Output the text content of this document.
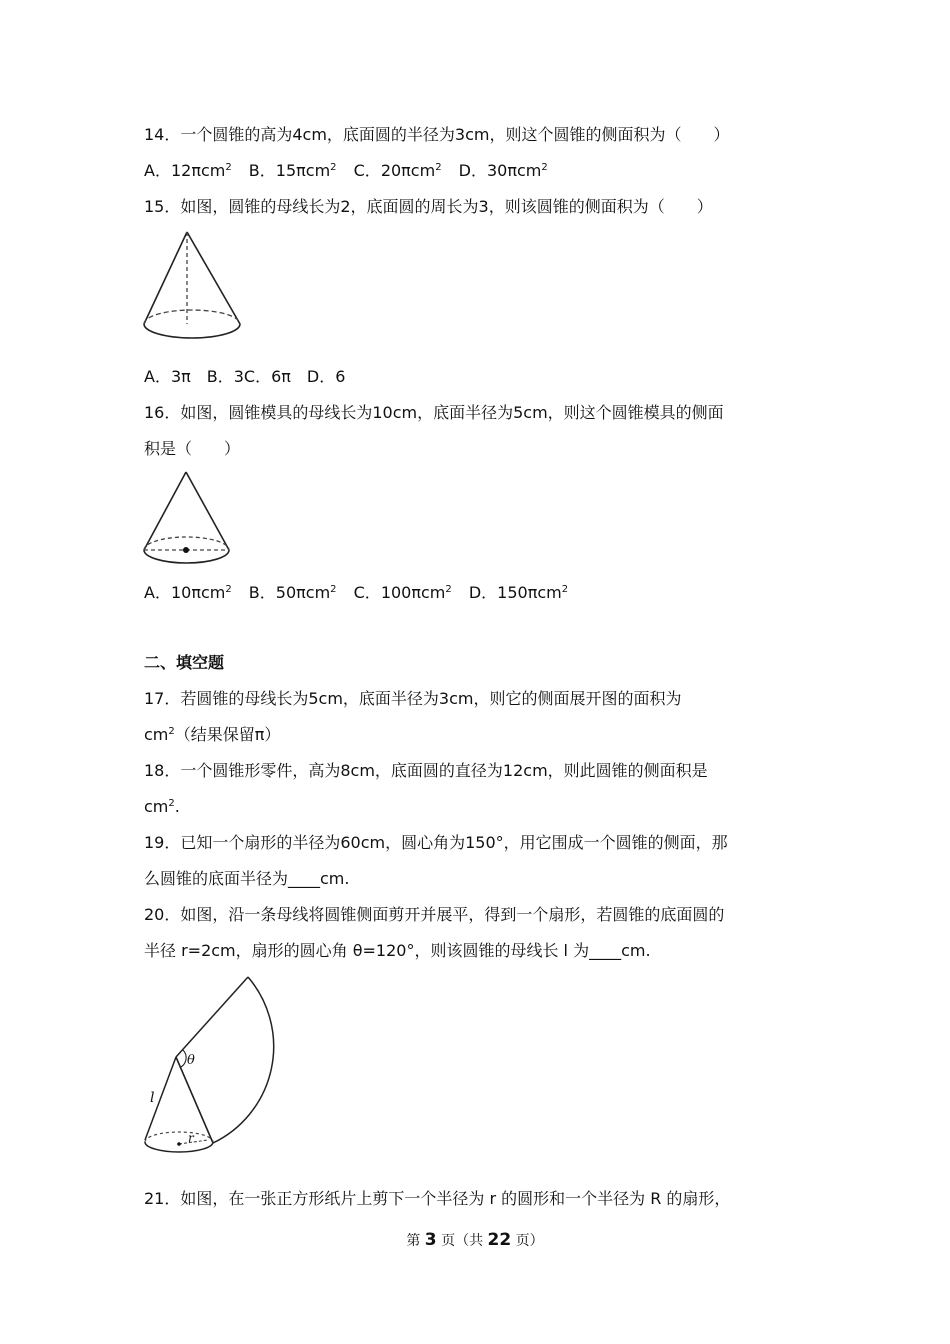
14．一个圆锥的高为4cm，底面圆的半径为3cm，则这个圆锥的侧面积为（　　）
A．12πcm$^2$ B．15πcm$^2$ C．20πcm$^2$ D．30πcm$^2$
15．如图，圆锥的母线长为2，底面圆的周长为3，则该圆锥的侧面积为（　　）
A．3π　B．3C．6π　D．6
16．如图，圆锥模具的母线长为10cm，底面半径为5cm，则这个圆锥模具的侧面
积是（　　）
A．10πcm$^2$ B．50πcm$^2$ C．100πcm$^2$ D．150πcm$^2$
二、填空题
17．若圆锥的母线长为5cm，底面半径为3cm，则它的侧面展开图的面积为
$cm^2$（结果保留π）
18．一个圆锥形零件，高为8cm，底面圆的直径为12cm，则此圆锥的侧面积是
$cm^2$.
19．已知一个扇形的半径为60cm，圆心角为150°，用它围成一个圆锥的侧面，那
么圆锥的底面半径为____cm.
20．如图，沿一条母线将圆锥侧面剪开并展平，得到一个扇形，若圆锥的底面圆的
半径 r=2cm，扇形的圆心角 θ=120°，则该圆锥的母线长 l 为____cm.
θ
l
r
21．如图，在一张正方形纸片上剪下一个半径为 r 的圆形和一个半径为 R 的扇形，
第 3 页（共 22 页）
